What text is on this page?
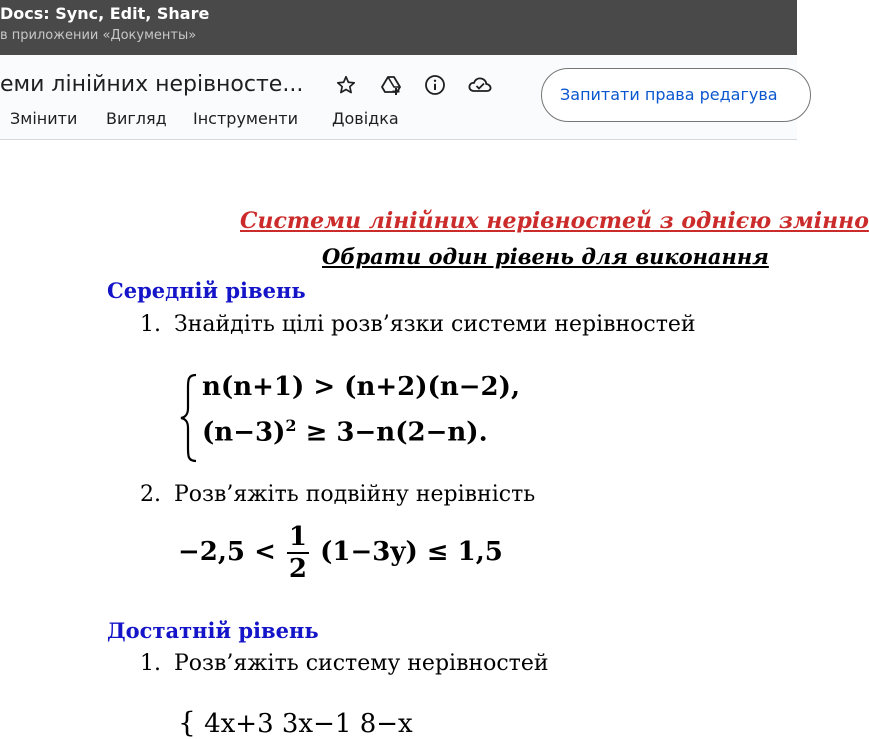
Docs: Sync, Edit, Share
в приложении «Документы»
еми лінійних нерівносте...	Запитати права редагува
Змінити Вигляд Інструменти Довідка
Системи лінійних нерівностей з однією змінно
Обрати один рівень для виконання
Середній рівень
1. Знайдіть цілі розв’язки системи нерівностей
n(n+1) > (n+2)(n−2),
$(n-3)^2 \ge 3-n(2-n)$.
2. Розв’яжіть подвійну нерівність
$-2,5 < \frac{1}{2} (1-3y) \le 1,5$
Достатній рівень
1. Розв’яжіть систему нерівностей
{ 4x+3 3x−1 8−x
